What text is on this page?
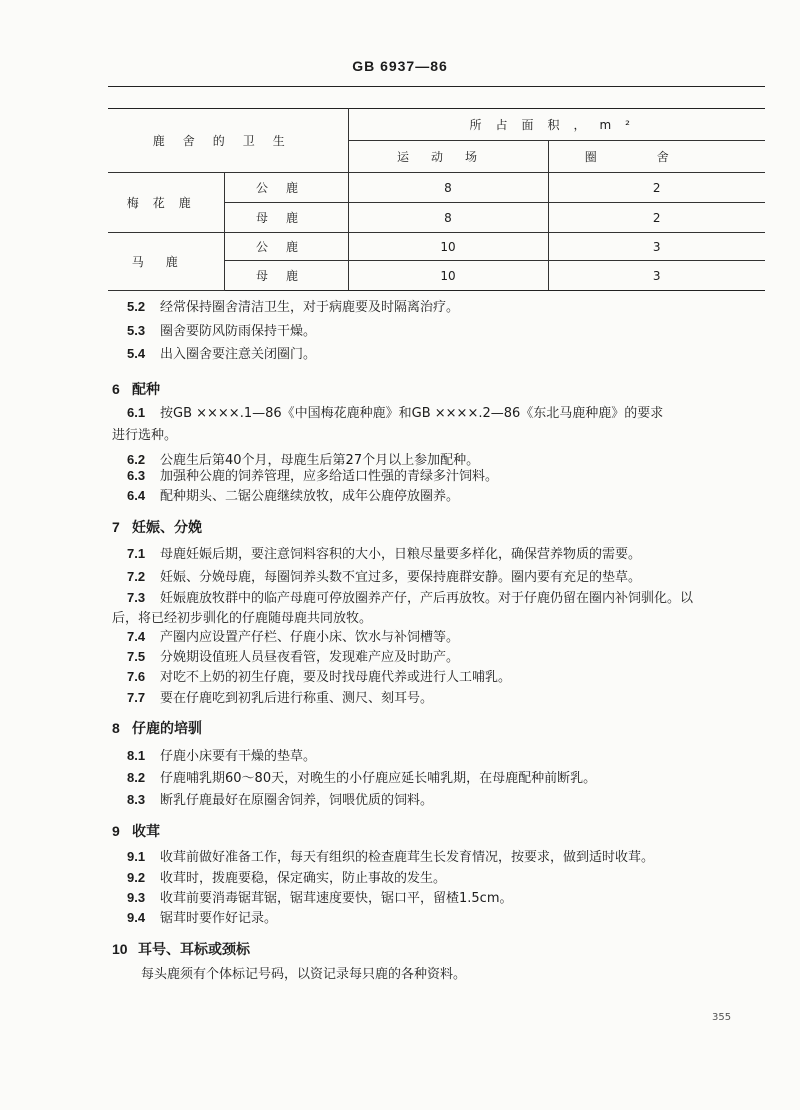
GB 6937—86
鹿舍的卫生		所占面积，m²	
		运动场	圈舍
梅花鹿	公鹿	8	2
	母鹿	8	2
马鹿	公鹿	10	3
	母鹿	10	3
5.2 经常保持圈舍清洁卫生，对于病鹿要及时隔离治疗。
5.3 圈舍要防风防雨保持干燥。
5.4 出入圈舍要注意关闭圈门。
6 配种
6.1 按GB ××××.1—86《中国梅花鹿种鹿》和GB ××××.2—86《东北马鹿种鹿》的要求
进行选种。
6.2 公鹿生后第40个月，母鹿生后第27个月以上参加配种。
6.3 加强种公鹿的饲养管理，应多给适口性强的青绿多汁饲料。
6.4 配种期头、二锯公鹿继续放牧，成年公鹿停放圈养。
7 妊娠、分娩
7.1 母鹿妊娠后期，要注意饲料容积的大小，日粮尽量要多样化，确保营养物质的需要。
7.2 妊娠、分娩母鹿，每圈饲养头数不宜过多，要保持鹿群安静。圈内要有充足的垫草。
7.3 妊娠鹿放牧群中的临产母鹿可停放圈养产仔，产后再放牧。对于仔鹿仍留在圈内补饲驯化。以
后，将已经初步驯化的仔鹿随母鹿共同放牧。
7.4 产圈内应设置产仔栏、仔鹿小床、饮水与补饲槽等。
7.5 分娩期设值班人员昼夜看管，发现难产应及时助产。
7.6 对吃不上奶的初生仔鹿，要及时找母鹿代养或进行人工哺乳。
7.7 要在仔鹿吃到初乳后进行称重、测尺、刻耳号。
8 仔鹿的培驯
8.1 仔鹿小床要有干燥的垫草。
8.2 仔鹿哺乳期60～80天，对晚生的小仔鹿应延长哺乳期，在母鹿配种前断乳。
8.3 断乳仔鹿最好在原圈舍饲养，饲喂优质的饲料。
9 收茸
9.1 收茸前做好准备工作，每天有组织的检查鹿茸生长发育情况，按要求，做到适时收茸。
9.2 收茸时，拨鹿要稳，保定确实，防止事故的发生。
9.3 收茸前要消毒锯茸锯，锯茸速度要快，锯口平，留楂1.5cm。
9.4 锯茸时要作好记录。
10 耳号、耳标或颈标
每头鹿须有个体标记号码，以资记录每只鹿的各种资料。
355
